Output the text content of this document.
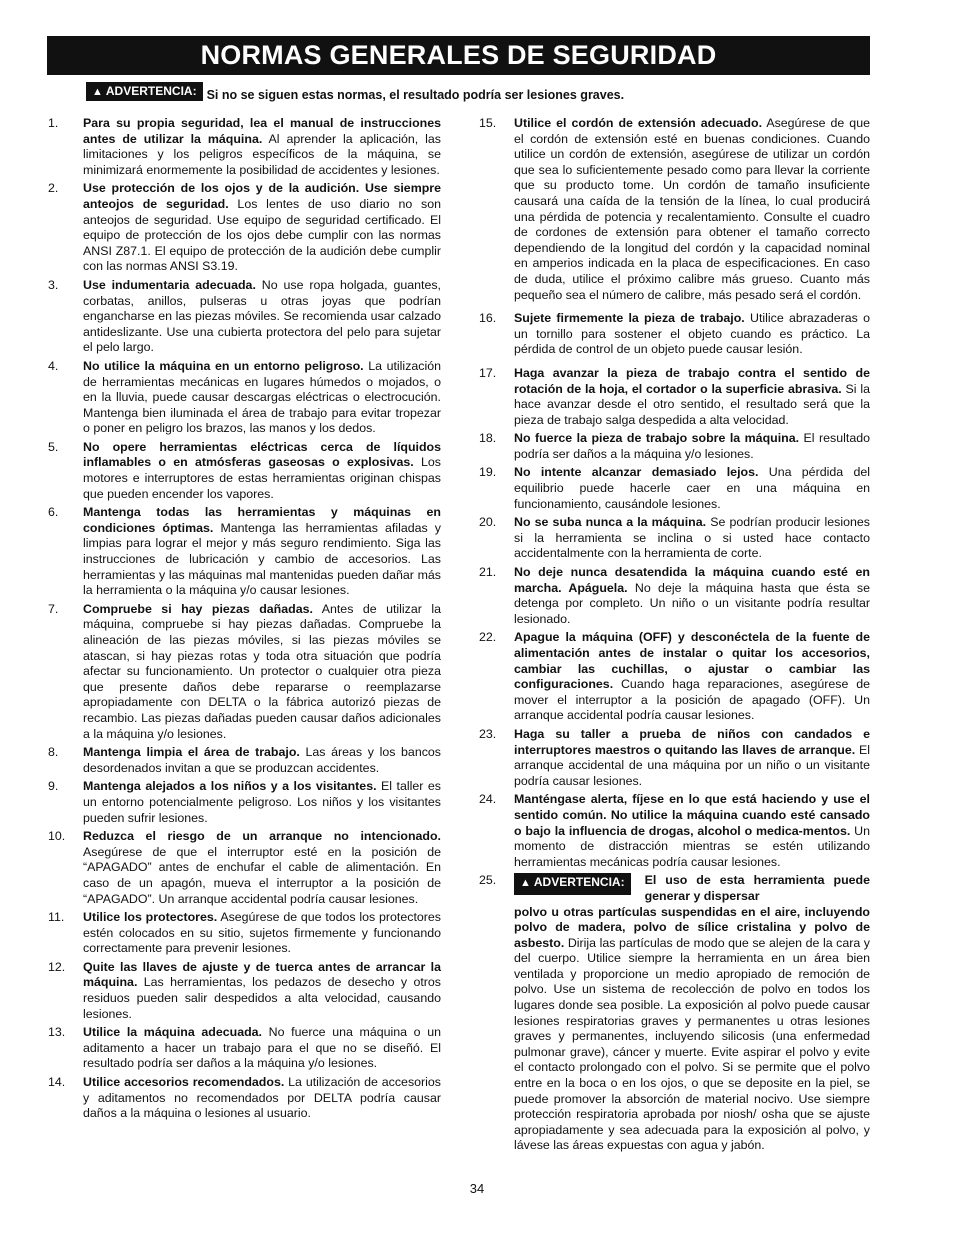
NORMAS GENERALES DE SEGURIDAD
▲ ADVERTENCIA: Si no se siguen estas normas, el resultado podría ser lesiones graves.
1. Para su propia seguridad, lea el manual de instrucciones antes de utilizar la máquina. Al aprender la aplicación, las limitaciones y los peligros específicos de la máquina, se minimizará enormemente la posibilidad de accidentes y lesiones.
2. Use protección de los ojos y de la audición. Use siempre anteojos de seguridad. Los lentes de uso diario no son anteojos de seguridad. Use equipo de seguridad certificado. El equipo de protección de los ojos debe cumplir con las normas ANSI Z87.1. El equipo de protección de la audición debe cumplir con las normas ANSI S3.19.
3. Use indumentaria adecuada. No use ropa holgada, guantes, corbatas, anillos, pulseras u otras joyas que podrían engancharse en las piezas móviles. Se recomienda usar calzado antideslizante. Use una cubierta protectora del pelo para sujetar el pelo largo.
4. No utilice la máquina en un entorno peligroso. La utilización de herramientas mecánicas en lugares húmedos o mojados, o en la lluvia, puede causar descargas eléctricas o electrocución. Mantenga bien iluminada el área de trabajo para evitar tropezar o poner en peligro los brazos, las manos y los dedos.
5. No opere herramientas eléctricas cerca de líquidos inflamables o en atmósferas gaseosas o explosivas. Los motores e interruptores de estas herramientas originan chispas que pueden encender los vapores.
6. Mantenga todas las herramientas y máquinas en condiciones óptimas. Mantenga las herramientas afiladas y limpias para lograr el mejor y más seguro rendimiento. Siga las instrucciones de lubricación y cambio de accesorios. Las herramientas y las máquinas mal mantenidas pueden dañar más la herramienta o la máquina y/o causar lesiones.
7. Compruebe si hay piezas dañadas. Antes de utilizar la máquina, compruebe si hay piezas dañadas. Compruebe la alineación de las piezas móviles, si las piezas móviles se atascan, si hay piezas rotas y toda otra situación que podría afectar su funcionamiento. Un protector o cualquier otra pieza que presente daños debe repararse o reemplazarse apropiadamente con DELTA o la fábrica autorizó piezas de recambio. Las piezas dañadas pueden causar daños adicionales a la máquina y/o lesiones.
8. Mantenga limpia el área de trabajo. Las áreas y los bancos desordenados invitan a que se produzcan accidentes.
9. Mantenga alejados a los niños y a los visitantes. El taller es un entorno potencialmente peligroso. Los niños y los visitantes pueden sufrir lesiones.
10. Reduzca el riesgo de un arranque no intencionado. Asegúrese de que el interruptor esté en la posición de “APAGADO” antes de enchufar el cable de alimentación. En caso de un apagón, mueva el interruptor a la posición de “APAGADO”. Un arranque accidental podría causar lesiones.
11. Utilice los protectores. Asegúrese de que todos los protectores estén colocados en su sitio, sujetos firmemente y funcionando correctamente para prevenir lesiones.
12. Quite las llaves de ajuste y de tuerca antes de arrancar la máquina. Las herramientas, los pedazos de desecho y otros residuos pueden salir despedidos a alta velocidad, causando lesiones.
13. Utilice la máquina adecuada. No fuerce una máquina o un aditamento a hacer un trabajo para el que no se diseñó. El resultado podría ser daños a la máquina y/o lesiones.
14. Utilice accesorios recomendados. La utilización de accesorios y aditamentos no recomendados por DELTA podría causar daños a la máquina o lesiones al usuario.
15. Utilice el cordón de extensión adecuado. Asegúrese de que el cordón de extensión esté en buenas condiciones. Cuando utilice un cordón de extensión, asegúrese de utilizar un cordón que sea lo suficientemente pesado como para llevar la corriente que su producto tome. Un cordón de tamaño insuficiente causará una caída de la tensión de la línea, lo cual producirá una pérdida de potencia y recalentamiento. Consulte el cuadro de cordones de extensión para obtener el tamaño correcto dependiendo de la longitud del cordón y la capacidad nominal en amperios indicada en la placa de especificaciones. En caso de duda, utilice el próximo calibre más grueso. Cuanto más pequeño sea el número de calibre, más pesado será el cordón.
16. Sujete firmemente la pieza de trabajo. Utilice abrazaderas o un tornillo para sostener el objeto cuando es práctico. La pérdida de control de un objeto puede causar lesión.
17. Haga avanzar la pieza de trabajo contra el sentido de rotación de la hoja, el cortador o la superficie abrasiva. Si la hace avanzar desde el otro sentido, el resultado será que la pieza de trabajo salga despedida a alta velocidad.
18. No fuerce la pieza de trabajo sobre la máquina. El resultado podría ser daños a la máquina y/o lesiones.
19. No intente alcanzar demasiado lejos. Una pérdida del equilibrio puede hacerle caer en una máquina en funcionamiento, causándole lesiones.
20. No se suba nunca a la máquina. Se podrían producir lesiones si la herramienta se inclina o si usted hace contacto accidentalmente con la herramienta de corte.
21. No deje nunca desatendida la máquina cuando esté en marcha. Apáguela. No deje la máquina hasta que ésta se detenga por completo. Un niño o un visitante podría resultar lesionado.
22. Apague la máquina (OFF) y desconéctela de la fuente de alimentación antes de instalar o quitar los accesorios, cambiar las cuchillas, o ajustar o cambiar las configuraciones. Cuando haga reparaciones, asegúrese de mover el interruptor a la posición de apagado (OFF). Un arranque accidental podría causar lesiones.
23. Haga su taller a prueba de niños con candados e interruptores maestros o quitando las llaves de arranque. El arranque accidental de una máquina por un niño o un visitante podría causar lesiones.
24. Manténgase alerta, fíjese en lo que está haciendo y use el sentido común. No utilice la máquina cuando esté cansado o bajo la influencia de drogas, alcohol o medica-mentos. Un momento de distracción mientras se estén utilizando herramientas mecánicas podría causar lesiones.
25.	▲ ADVERTENCIA:	El uso de esta herramienta puede generar y dispersar
polvo u otras partículas suspendidas en el aire, incluyendo polvo de madera, polvo de sílice cristalina y polvo de asbesto. Dirija las partículas de modo que se alejen de la cara y del cuerpo. Utilice siempre la herramienta en un área bien ventilada y proporcione un medio apropiado de remoción de polvo. Use un sistema de recolección de polvo en todos los lugares donde sea posible. La exposición al polvo puede causar lesiones respiratorias graves y permanentes u otras lesiones graves y permanentes, incluyendo silicosis (una enfermedad pulmonar grave), cáncer y muerte. Evite aspirar el polvo y evite el contacto prolongado con el polvo. Si se permite que el polvo entre en la boca o en los ojos, o que se deposite en la piel, se puede promover la absorción de material nocivo. Use siempre protección respiratoria aprobada por niosh/ osha que se ajuste apropiadamente y sea adecuada para la exposición al polvo, y lávese las áreas expuestas con agua y jabón.
34
